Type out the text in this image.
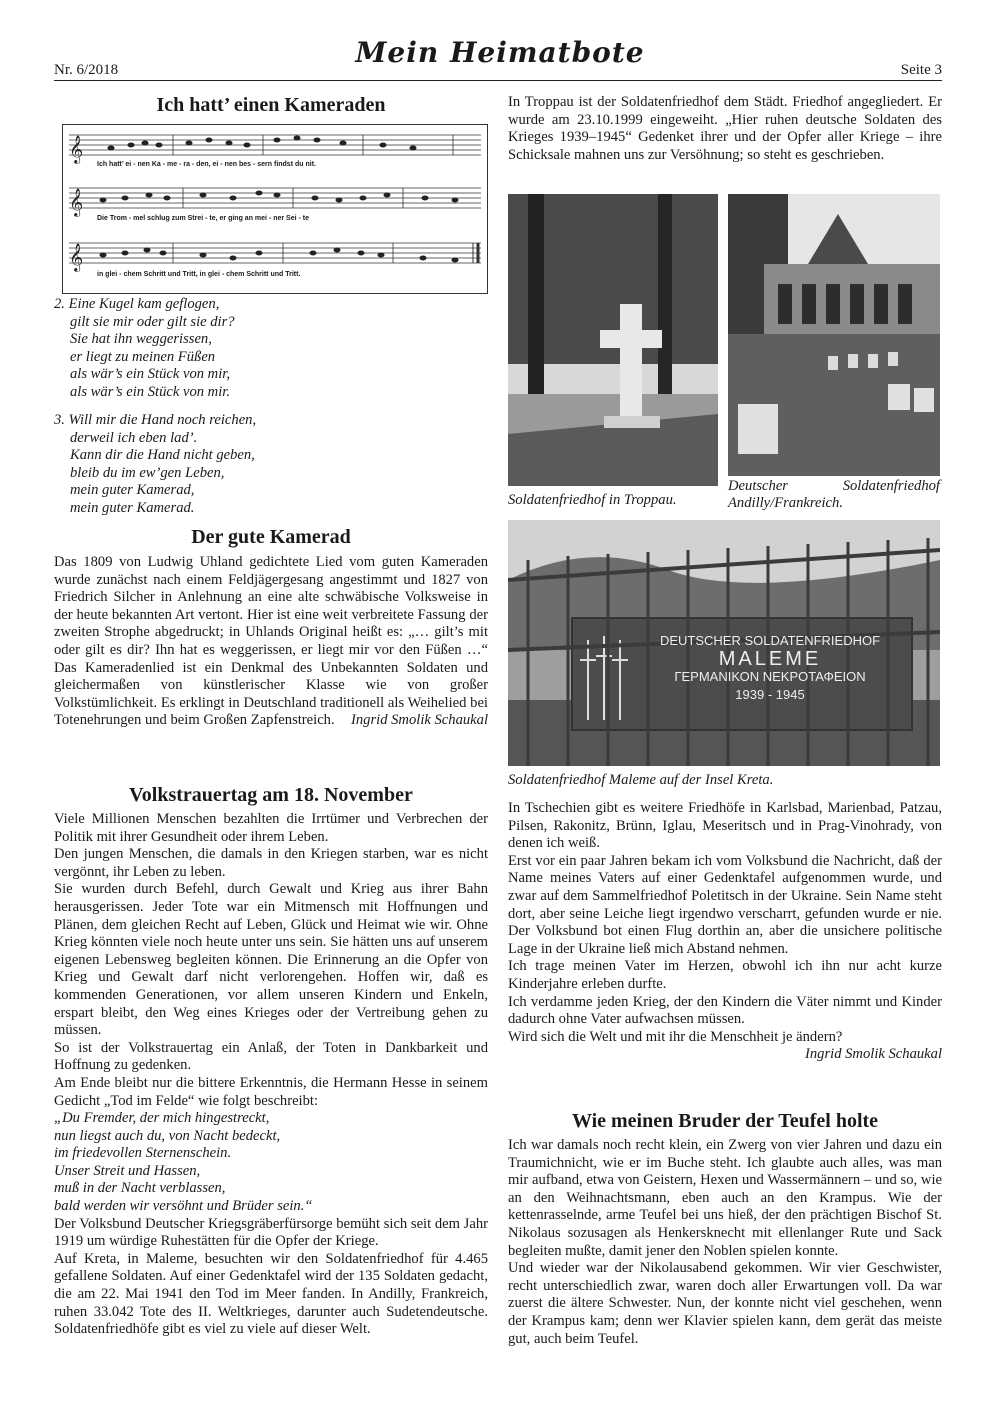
Nr. 6/2018
Mein Heimatbote
Seite 3
Ich hatt’ einen Kameraden
𝄞
𝄞
𝄞
Ich hatt’ ei - nen Ka - me - ra - den, ei - nen bes - sern findst du nit.
Die Trom - mel schlug zum Strei - te, er ging an mei - ner Sei - te
in glei - chem Schritt und Tritt, in glei - chem Schritt und Tritt.
2. Eine Kugel kam geflogen,
gilt sie mir oder gilt sie dir?
Sie hat ihn weggerissen,
er liegt zu meinen Füßen
als wär’s ein Stück von mir,
als wär’s ein Stück von mir.
3. Will mir die Hand noch reichen,
derweil ich eben lad’.
Kann dir die Hand nicht geben,
bleib du im ew’gen Leben,
mein guter Kamerad,
mein guter Kamerad.
Der gute Kamerad

Das 1809 von Ludwig Uhland gedichtete Lied vom guten Kameraden wurde zunächst nach einem Feldjägergesang angestimmt und 1827 von Friedrich Silcher in Anlehnung an eine alte schwäbische Volksweise in der heute bekannten Art vertont. Hier ist eine weit verbreitete Fassung der zweiten Strophe abgedruckt; in Uhlands Original heißt es: „… gilt’s mit oder gilt es dir? Ihn hat es weggerissen, er liegt mir vor den Füßen …“ Das Kameradenlied ist ein Denkmal des Unbekannten Soldaten und gleichermaßen von künstlerischer Klasse wie von großer Volkstümlichkeit. Es erklingt in Deutschland traditionell als Weihelied bei Totenehrungen und beim Großen Zapfenstreich.	Ingrid Smolik Schaukal
Volkstrauertag am 18. November

Viele Millionen Menschen bezahlten die Irrtümer und Verbrechen der Politik mit ihrer Gesundheit oder ihrem Leben.

Den jungen Menschen, die damals in den Kriegen starben, war es nicht vergönnt, ihr Leben zu leben.

Sie wurden durch Befehl, durch Gewalt und Krieg aus ihrer Bahn herausgerissen. Jeder Tote war ein Mitmensch mit Hoffnungen und Plänen, dem gleichen Recht auf Leben, Glück und Heimat wie wir. Ohne Krieg könnten viele noch heute unter uns sein. Sie hätten uns auf unserem eigenen Lebensweg begleiten können. Die Erinnerung an die Opfer von Krieg und Gewalt darf nicht verlorengehen. Hoffen wir, daß es kommenden Generationen, vor allem unseren Kindern und Enkeln, erspart bleibt, den Weg eines Krieges oder der Vertreibung gehen zu müssen.

So ist der Volkstrauertag ein Anlaß, der Toten in Dankbarkeit und Hoffnung zu gedenken.

Am Ende bleibt nur die bittere Erkenntnis, die Hermann Hesse in seinem Gedicht „Tod im Felde“ wie folgt beschreibt:

„Du Fremder, der mich hingestreckt,
nun liegst auch du, von Nacht bedeckt,
im friedevollen Sternenschein.
Unser Streit und Hassen,
muß in der Nacht verblassen,
bald werden wir versöhnt und Brüder sein.“

Der Volksbund Deutscher Kriegsgräberfürsorge bemüht sich seit dem Jahr 1919 um würdige Ruhestätten für die Opfer der Kriege.

Auf Kreta, in Maleme, besuchten wir den Soldatenfriedhof für 4.465 gefallene Soldaten. Auf einer Gedenktafel wird der 135 Soldaten gedacht, die am 22. Mai 1941 den Tod im Meer fanden. In Andilly, Frankreich, ruhen 33.042 Tote des II. Weltkrieges, darunter auch Sudetendeutsche. Soldatenfriedhöfe gibt es viel zu viele auf dieser Welt.

In Troppau ist der Soldatenfriedhof dem Städt. Friedhof angegliedert. Er wurde am 23.10.1999 eingeweiht. „Hier ruhen deutsche Soldaten des Krieges 1939–1945“ Gedenket ihrer und der Opfer aller Kriege – ihre Schicksale mahnen uns zur Versöhnung; so steht es geschrieben.
Soldatenfriedhof in Troppau.
Deutscher Soldatenfriedhof Andilly/Frankreich.
DEUTSCHER SOLDATENFRIEDHOF
MALEME
ΓΕΡΜΑΝΙΚΟΝ ΝΕΚΡΟΤΑΦΕΙΟΝ
1939 - 1945
Soldatenfriedhof Maleme auf der Insel Kreta.

In Tschechien gibt es weitere Friedhöfe in Karlsbad, Marienbad, Patzau, Pilsen, Rakonitz, Brünn, Iglau, Meseritsch und in Prag-Vinohrady, von denen ich weiß.

Erst vor ein paar Jahren bekam ich vom Volksbund die Nachricht, daß der Name meines Vaters auf einer Gedenktafel aufgenommen wurde, und zwar auf dem Sammelfriedhof Poletitsch in der Ukraine. Sein Name steht dort, aber seine Leiche liegt irgendwo verscharrt, gefunden wurde er nie. Der Volksbund bot einen Flug dorthin an, aber die unsichere politische Lage in der Ukraine ließ mich Abstand nehmen.

Ich trage meinen Vater im Herzen, obwohl ich ihn nur acht kurze Kinderjahre erleben durfte.

Ich verdamme jeden Krieg, der den Kindern die Väter nimmt und Kinder dadurch ohne Vater aufwachsen müssen.

Wird sich die Welt und mit ihr die Menschheit je ändern?

Ingrid Smolik Schaukal
Wie meinen Bruder der Teufel holte

Ich war damals noch recht klein, ein Zwerg von vier Jahren und dazu ein Traumichnicht, wie er im Buche steht. Ich glaubte auch alles, was man mir aufband, etwa von Geistern, Hexen und Wassermännern – und so, wie an den Weihnachtsmann, eben auch an den Krampus. Wie der kettenrasselnde, arme Teufel bei uns hieß, der den prächtigen Bischof St. Nikolaus sozusagen als Henkersknecht mit ellenlanger Rute und Sack begleiten mußte, damit jener den Noblen spielen konnte.

Und wieder war der Nikolausabend gekommen. Wir vier Geschwister, recht unterschiedlich zwar, waren doch aller Erwartungen voll. Da war zuerst die ältere Schwester. Nun, der konnte nicht viel geschehen, wenn der Krampus kam; denn wer Klavier spielen kann, dem gerät das meiste gut, auch beim Teufel.
